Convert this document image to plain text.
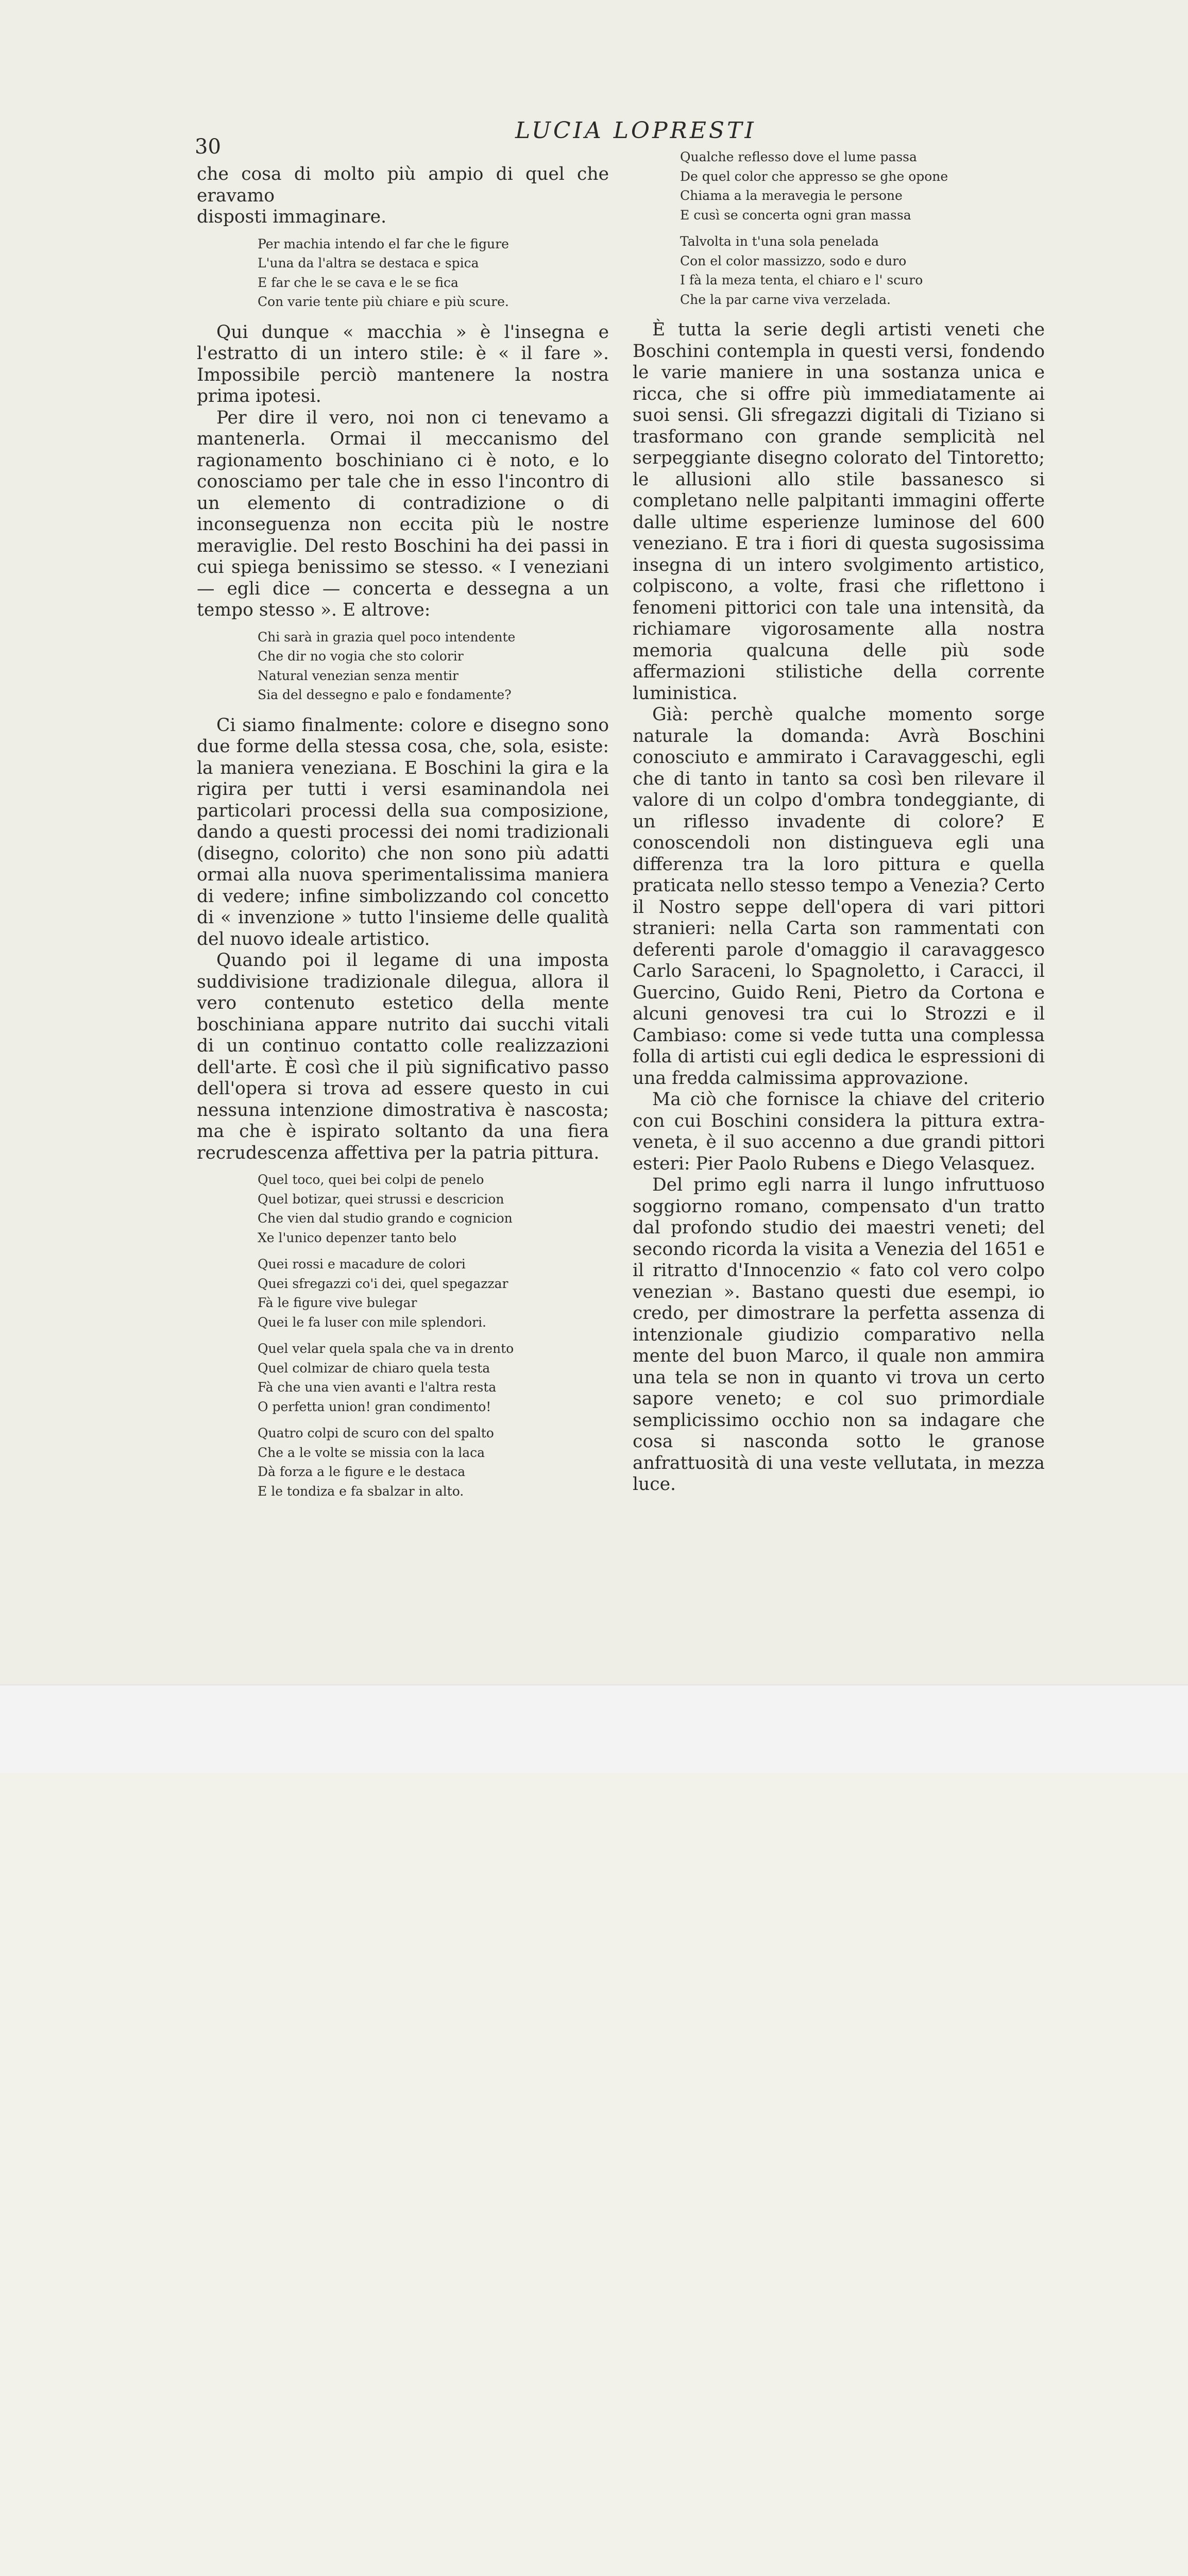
30
LUCIA LOPRESTI

che cosa di molto più ampio di quel che eravamo
disposti immaginare.

Per machia intendo el far che le figure
L'una da l'altra se destaca e spica
E far che le se cava e le se fica
Con varie tente più chiare e più scure.

Qui dunque « macchia » è l'insegna e l'estratto di un intero stile: è « il fare ». Impossibile perciò mantenere la nostra prima ipotesi.

Per dire il vero, noi non ci tenevamo a mantenerla. Ormai il meccanismo del ragionamento boschiniano ci è noto, e lo conosciamo per tale che in esso l'incontro di un elemento di contradizione o di inconseguenza non eccita più le nostre meraviglie. Del resto Boschini ha dei passi in cui spiega benissimo se stesso. « I veneziani — egli dice — concerta e dessegna a un tempo stesso ». E altrove:

Chi sarà in grazia quel poco intendente
Che dir no vogia che sto colorir
Natural venezian senza mentir
Sia del dessegno e palo e fondamente?

Ci siamo finalmente: colore e disegno sono due forme della stessa cosa, che, sola, esiste: la maniera veneziana. E Boschini la gira e la rigira per tutti i versi esaminandola nei particolari processi della sua composizione, dando a questi processi dei nomi tradizionali (disegno, colorito) che non sono più adatti ormai alla nuova sperimentalissima maniera di vedere; infine simbolizzando col concetto di « invenzione » tutto l'insieme delle qualità del nuovo ideale artistico.

Quando poi il legame di una imposta suddivisione tradizionale dilegua, allora il vero contenuto estetico della mente boschiniana appare nutrito dai succhi vitali di un continuo contatto colle realizzazioni dell'arte. È così che il più significativo passo dell'opera si trova ad essere questo in cui nessuna intenzione dimostrativa è nascosta; ma che è ispirato soltanto da una fiera recrudescenza affettiva per la patria pittura.

Quel toco, quei bei colpi de penelo
Quel botizar, quei strussi e descricion
Che vien dal studio grando e cognicion
Xe l'unico depenzer tanto belo

Quei rossi e macadure de colori
Quei sfregazzi co'i dei, quel spegazzar
Fà le figure vive bulegar
Quei le fa luser con mile splendori.

Quel velar quela spala che va in drento
Quel colmizar de chiaro quela testa
Fà che una vien avanti e l'altra resta
O perfetta union! gran condimento!

Quatro colpi de scuro con del spalto
Che a le volte se missia con la laca
Dà forza a le figure e le destaca
E le tondiza e fa sbalzar in alto.

Qualche reflesso dove el lume passa
De quel color che appresso se ghe opone
Chiama a la meravegia le persone
E cusì se concerta ogni gran massa

Talvolta in t'una sola penelada
Con el color massizzo, sodo e duro
I fà la meza tenta, el chiaro e l' scuro
Che la par carne viva verzelada.

È tutta la serie degli artisti veneti che Boschini contempla in questi versi, fondendo le varie maniere in una sostanza unica e ricca, che si offre più immediatamente ai suoi sensi. Gli sfregazzi digitali di Tiziano si trasformano con grande semplicità nel serpeggiante disegno colorato del Tintoretto; le allusioni allo stile bassanesco si completano nelle palpitanti immagini offerte dalle ultime esperienze luminose del 600 veneziano. E tra i fiori di questa sugosissima insegna di un intero svolgimento artistico, colpiscono, a volte, frasi che riflettono i fenomeni pittorici con tale una intensità, da richiamare vigorosamente alla nostra memoria qualcuna delle più sode affermazioni stilistiche della corrente luministica.

Già: perchè qualche momento sorge naturale la domanda: Avrà Boschini conosciuto e ammirato i Caravaggeschi, egli che di tanto in tanto sa così ben rilevare il valore di un colpo d'ombra tondeggiante, di un riflesso invadente di colore? E conoscendoli non distingueva egli una differenza tra la loro pittura e quella praticata nello stesso tempo a Venezia? Certo il Nostro seppe dell'opera di vari pittori stranieri: nella Carta son rammentati con deferenti parole d'omaggio il caravaggesco Carlo Saraceni, lo Spagnoletto, i Caracci, il Guercino, Guido Reni, Pietro da Cortona e alcuni genovesi tra cui lo Strozzi e il Cambiaso: come si vede tutta una complessa folla di artisti cui egli dedica le espressioni di una fredda calmissima approvazione.

Ma ciò che fornisce la chiave del criterio con cui Boschini considera la pittura extra-veneta, è il suo accenno a due grandi pittori esteri: Pier Paolo Rubens e Diego Velasquez.

Del primo egli narra il lungo infruttuoso soggiorno romano, compensato d'un tratto dal profondo studio dei maestri veneti; del secondo ricorda la visita a Venezia del 1651 e il ritratto d'Innocenzio « fato col vero colpo venezian ». Bastano questi due esempi, io credo, per dimostrare la perfetta assenza di intenzionale giudizio comparativo nella mente del buon Marco, il quale non ammira una tela se non in quanto vi trova un certo sapore veneto; e col suo primordiale semplicissimo occhio non sa indagare che cosa si nasconda sotto le granose anfrattuosità di una veste vellutata, in mezza luce.
